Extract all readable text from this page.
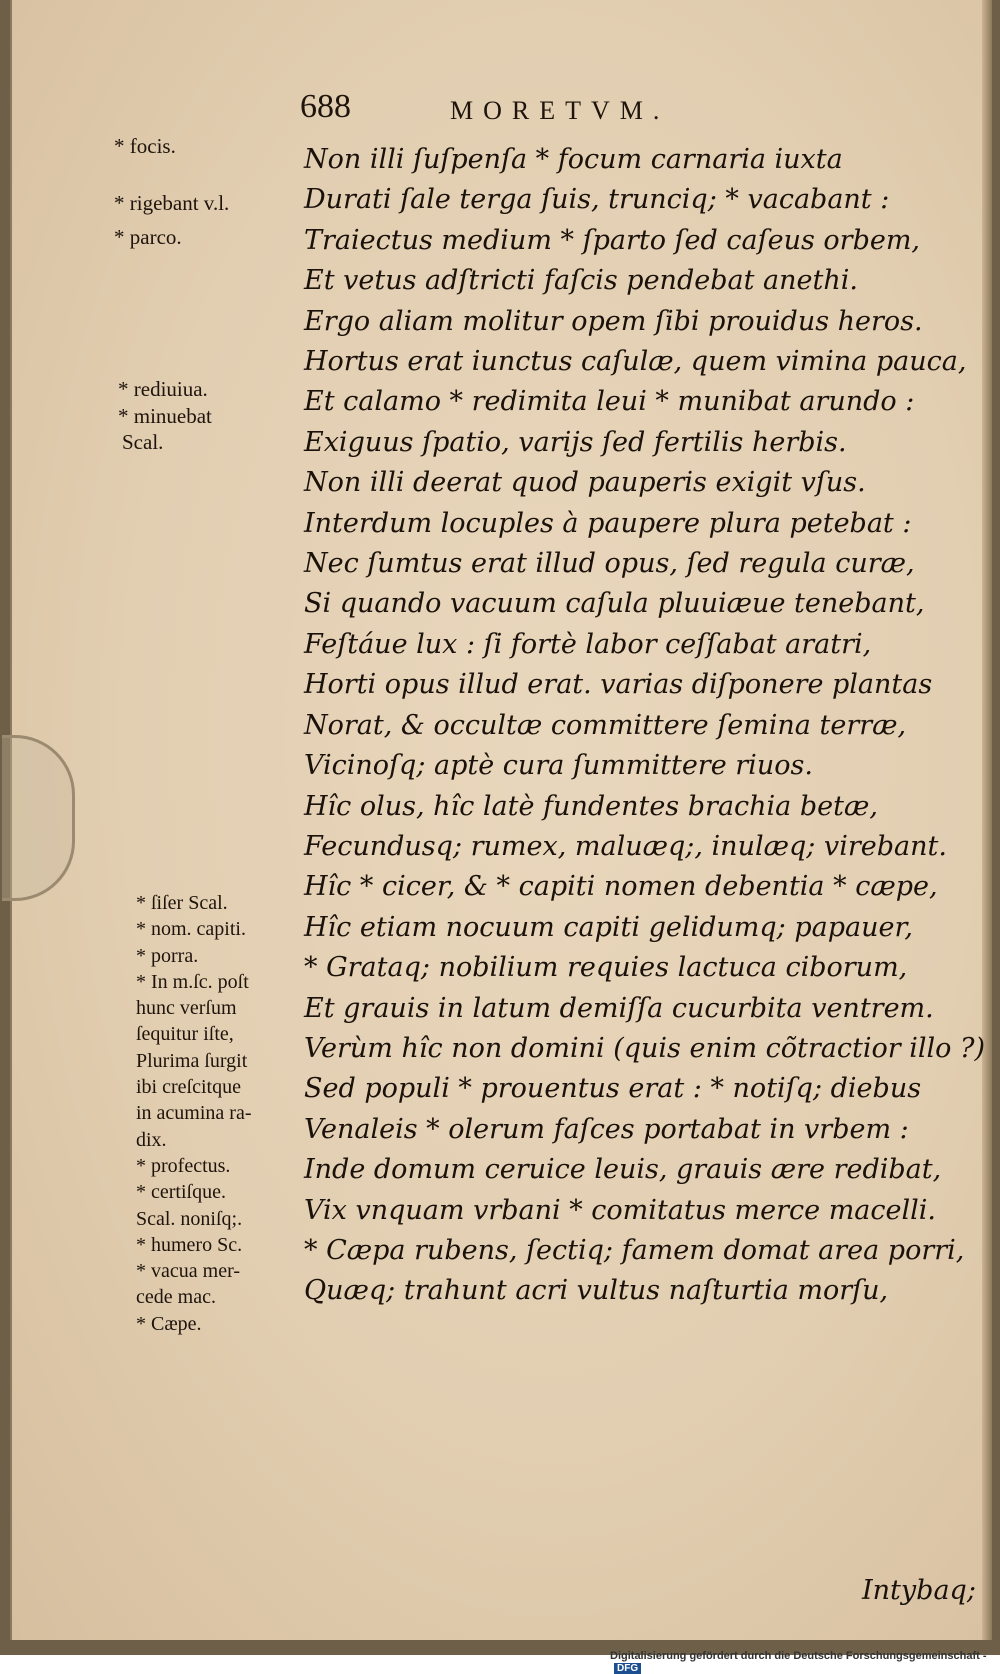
688	MORETVM.
* focis.
* rigebant v.l.
* parco.
* rediuiua.
* minuebat
Scal.
* ſiſer Scal.
* nom. capiti.
* porra.
* In m.ſc. poſt
hunc verſum
ſequitur iſte,
Plurima ſurgit
ibi creſcitque
in acumina ra-
dix.
* profectus.
* certiſque.
Scal. noniſq;.
* humero Sc.
* vacua mer-
cede mac.
* Cæpe.
Non illi ſuſpenſa * focum carnaria iuxta
Durati ſale terga ſuis, trunciq; * vacabant :
Traiectus medium * ſparto ſed caſeus orbem,
Et vetus adſtricti faſcis pendebat anethi.
Ergo aliam molitur opem ſibi prouidus heros.
Hortus erat iunctus caſulæ, quem vimina pauca,
Et calamo * redimita leui * munibat arundo :
Exiguus ſpatio, varijs ſed fertilis herbis.
Non illi deerat quod pauperis exigit vſus.
Interdum locuples à paupere plura petebat :
Nec ſumtus erat illud opus, ſed regula curæ,
Si quando vacuum caſula pluuiæue tenebant,
Feſtáue lux : ſi fortè labor ceſſabat aratri,
Horti opus illud erat. varias diſponere plantas
Norat, & occultæ committere ſemina terræ,
Vicinoſq; aptè cura ſummittere riuos.
Hîc olus, hîc latè fundentes brachia betæ,
Fecundusq; rumex, maluæq;, inulæq; virebant.
Hîc * cicer, & * capiti nomen debentia * cæpe,
Hîc etiam nocuum capiti gelidumq; papauer,
* Grataq; nobilium requies lactuca ciborum,
Et grauis in latum demiſſa cucurbita ventrem.
Verùm hîc non domini (quis enim cõtractior illo ?)
Sed populi * prouentus erat : * notiſq; diebus
Venaleis * olerum faſces portabat in vrbem :
Inde domum ceruice leuis, grauis ære redibat,
Vix vnquam vrbani * comitatus merce macelli.
* Cæpa rubens, ſectiq; famem domat area porri,
Quæq; trahunt acri vultus naſturtia morſu,
Intybaq;
Digitalisierung gefördert durch die Deutsche Forschungsgemeinschaft -DFG
